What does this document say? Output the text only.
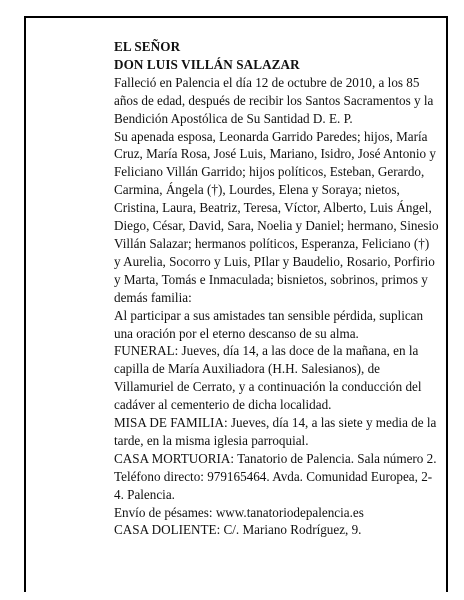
EL SEÑOR

DON LUIS VILLÁN SALAZAR

Falleció en Palencia el día 12 de octubre de 2010, a los 85 años de edad, después de recibir los Santos Sacramentos y la Bendición Apostólica de Su Santidad D. E. P.

Su apenada esposa, Leonarda Garrido Paredes; hijos, María Cruz, María Rosa, José Luis, Mariano, Isidro, José Antonio y Feliciano Villán Garrido; hijos políticos, Esteban, Gerardo, Carmina, Ángela (†), Lourdes, Elena y Soraya; nietos, Cristina, Laura, Beatriz, Teresa, Víctor, Alberto, Luis Ángel, Diego, César, David, Sara, Noelia y Daniel; hermano, Sinesio Villán Salazar; hermanos políticos, Esperanza, Feliciano (†) y Aurelia, Socorro y Luis, PIlar y Baudelio, Rosario, Porfirio y Marta, Tomás e Inmaculada; bisnietos, sobrinos, primos y demás familia:

Al participar a sus amistades tan sensible pérdida, suplican una oración por el eterno descanso de su alma.

FUNERAL: Jueves, día 14, a las doce de la mañana, en la capilla de María Auxiliadora (H.H. Salesianos), de Villamuriel de Cerrato, y a continuación la conducción del cadáver al cementerio de dicha localidad.

MISA DE FAMILIA: Jueves, día 14, a las siete y media de la tarde, en la misma iglesia parroquial.

CASA MORTUORIA: Tanatorio de Palencia. Sala número 2. Teléfono directo: 979165464. Avda. Comunidad Europea, 2-4. Palencia.

Envío de pésames: www.tanatoriodepalencia.es

CASA DOLIENTE: C/. Mariano Rodríguez, 9.
